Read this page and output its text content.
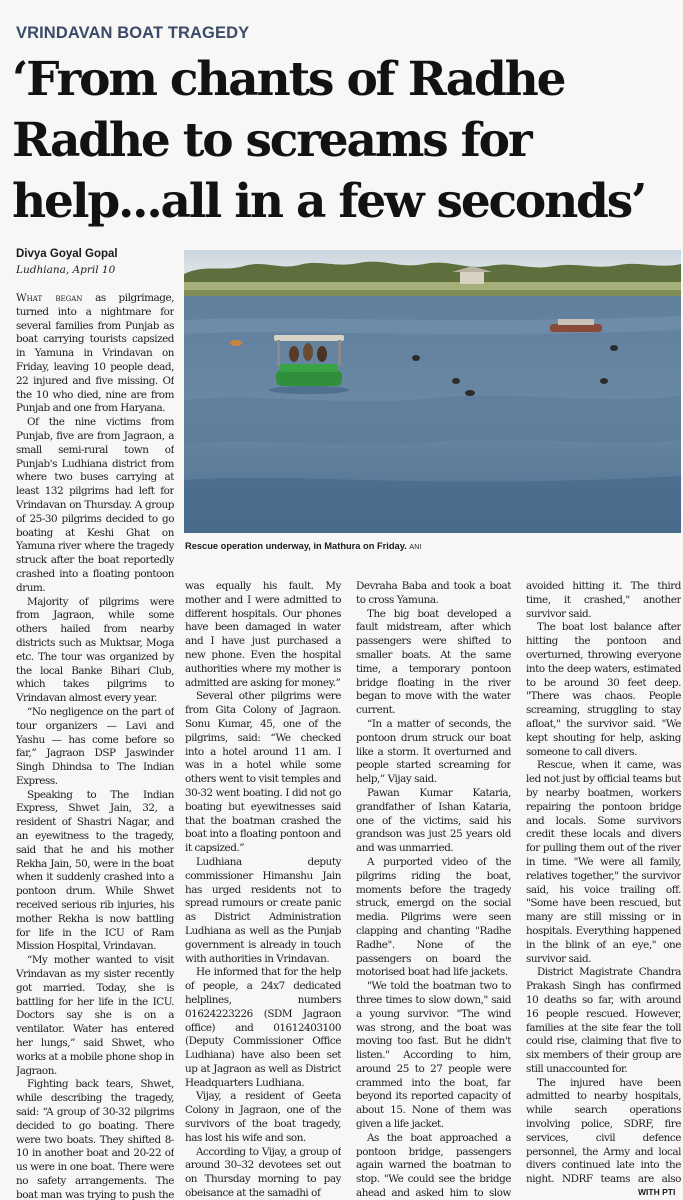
VRINDAVAN BOAT TRAGEDY
‘From chants of Radhe Radhe to screams for help...all in a few seconds’
Divya Goyal Gopal
Ludhiana, April 10
Rescue operation underway, in Mathura on Friday. ANI

What began as pilgrimage, turned into a nightmare for several families from Punjab as boat carrying tourists capsized in Yamuna in Vrindavan on Friday, leaving 10 people dead, 22 injured and five missing. Of the 10 who died, nine are from Punjab and one from Haryana.

Of the nine victims from Punjab, five are from Jagraon, a small semi-rural town of Punjab's Ludhiana district from where two buses carrying at least 132 pilgrims had left for Vrindavan on Thursday. A group of 25-30 pilgrims decided to go boating at Keshi Ghat on Yamuna river where the tragedy struck after the boat reportedly crashed into a floating pontoon drum.

Majority of pilgrims were from Jagraon, while some others hailed from nearby districts such as Muktsar, Moga etc. The tour was organized by the local Banke Bihari Club, which takes pilgrims to Vrindavan almost every year.

“No negligence on the part of tour organizers — Lavi and Yashu — has come before so far,” Jagraon DSP Jaswinder Singh Dhindsa to The Indian Express.

Speaking to The Indian Express, Shwet Jain, 32, a resident of Shastri Nagar, and an eyewitness to the tragedy, said that he and his mother Rekha Jain, 50, were in the boat when it suddenly crashed into a pontoon drum. While Shwet received serious rib injuries, his mother Rekha is now battling for life in the ICU of Ram Mission Hospital, Vrindavan.

“My mother wanted to visit Vrindavan as my sister recently got married. Today, she is battling for her life in the ICU. Doctors say she is on a ventilator. Water has entered her lungs,” said Shwet, who works at a mobile phone shop in Jagraon.

Fighting back tears, Shwet, while describing the tragedy, said: “A group of 30-32 pilgrims decided to go boating. There were two boats. They shifted 8-10 in another boat and 20-22 of us were in one boat. There were no safety arrangements. The boat man was trying to push the

was equally his fault. My mother and I were admitted to different hospitals. Our phones have been damaged in water and I have just purchased a new phone. Even the hospital authorities where my mother is admitted are asking for money.”

Several other pilgrims were from Gita Colony of Jagraon. Sonu Kumar, 45, one of the pilgrims, said: “We checked into a hotel around 11 am. I was in a hotel while some others went to visit temples and 30-32 went boating. I did not go boating but eyewitnesses said that the boatman crashed the boat into a floating pontoon and it capsized.”

Ludhiana deputy commissioner Himanshu Jain has urged residents not to spread rumours or create panic as District Administration Ludhiana as well as the Punjab government is already in touch with authorities in Vrindavan.

He informed that for the help of people, a 24x7 dedicated helplines, numbers 01624223226 (SDM Jagraon office) and 01612403100 (Deputy Commissioner Office Ludhiana) have also been set up at Jagraon as well as District Headquarters Ludhiana.

Vijay, a resident of Geeta Colony in Jagraon, one of the survivors of the boat tragedy, has lost his wife and son.

According to Vijay, a group of around 30–32 devotees set out on Thursday morning to pay obeisance at the samadhi of

Devraha Baba and took a boat to cross Yamuna.

The big boat developed a fault midstream, after which passengers were shifted to smaller boats. At the same time, a temporary pontoon bridge floating in the river began to move with the water current.

“In a matter of seconds, the pontoon drum struck our boat like a storm. It overturned and people started screaming for help,” Vijay said.

Pawan Kumar Kataria, grandfather of Ishan Kataria, one of the victims, said his grandson was just 25 years old and was unmarried.

A purported video of the pilgrims riding the boat, moments before the tragedy struck, emergd on the social media. Pilgrims were seen clapping and chanting "Radhe Radhe". None of the passengers on board the motorised boat had life jackets.

"We told the boatman two to three times to slow down," said a young survivor. "The wind was strong, and the boat was moving too fast. But he didn't listen." According to him, around 25 to 27 people were crammed into the boat, far beyond its reported capacity of about 15. None of them was given a life jacket.

As the boat approached a pontoon bridge, passengers again warned the boatman to stop. "We could see the bridge ahead and asked him to slow

avoided hitting it. The third time, it crashed," another survivor said.

The boat lost balance after hitting the pontoon and overturned, throwing everyone into the deep waters, estimated to be around 30 feet deep. "There was chaos. People screaming, struggling to stay afloat," the survivor said. "We kept shouting for help, asking someone to call divers.

Rescue, when it came, was led not just by official teams but by nearby boatmen, workers repairing the pontoon bridge and locals. Some survivors credit these locals and divers for pulling them out of the river in time. "We were all family, relatives together," the survivor said, his voice trailing off. "Some have been rescued, but many are still missing or in hospitals. Everything happened in the blink of an eye," one survivor said.

District Magistrate Chandra Prakash Singh has confirmed 10 deaths so far, with around 16 people rescued. However, families at the site fear the toll could rise, claiming that five to six members of their group are still unaccounted for.

The injured have been admitted to nearby hospitals, while search operations involving police, SDRF, fire services, civil defence personnel, the Army and local divers continued late into the night. NDRF teams are also

WITH PTI
